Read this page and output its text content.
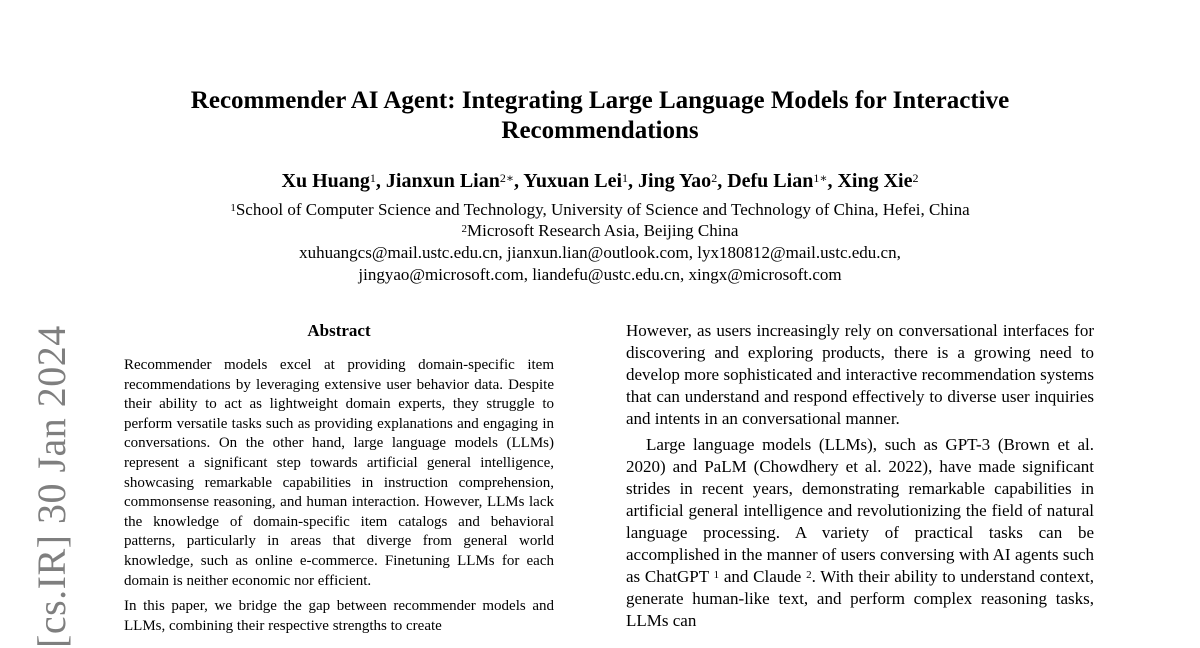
[cs.IR] 30 Jan 2024
Recommender AI Agent: Integrating Large Language Models for Interactive Recommendations
Xu Huang$^1$, Jianxun Lian$^{2∗}$, Yuxuan Lei$^1$, Jing Yao$^2$, Defu Lian$^{1∗}$, Xing Xie$^2$
$^1$School of Computer Science and Technology, University of Science and Technology of China, Hefei, China
$^2$Microsoft Research Asia, Beijing China
xuhuangcs@mail.ustc.edu.cn, jianxun.lian@outlook.com, lyx180812@mail.ustc.edu.cn,
jingyao@microsoft.com, liandefu@ustc.edu.cn, xingx@microsoft.com
Abstract

Recommender models excel at providing domain-specific item recommendations by leveraging extensive user behavior data. Despite their ability to act as lightweight domain experts, they struggle to perform versatile tasks such as providing explanations and engaging in conversations. On the other hand, large language models (LLMs) represent a significant step towards artificial general intelligence, showcasing remarkable capabilities in instruction comprehension, commonsense reasoning, and human interaction. However, LLMs lack the knowledge of domain-specific item catalogs and behavioral patterns, particularly in areas that diverge from general world knowledge, such as online e-commerce. Finetuning LLMs for each domain is neither economic nor efficient.

In this paper, we bridge the gap between recommender models and LLMs, combining their respective strengths to create

However, as users increasingly rely on conversational interfaces for discovering and exploring products, there is a growing need to develop more sophisticated and interactive recommendation systems that can understand and respond effectively to diverse user inquiries and intents in an conversational manner.

Large language models (LLMs), such as GPT-3 (Brown et al. 2020) and PaLM (Chowdhery et al. 2022), have made significant strides in recent years, demonstrating remarkable capabilities in artificial general intelligence and revolutionizing the field of natural language processing. A variety of practical tasks can be accomplished in the manner of users conversing with AI agents such as ChatGPT $^1$ and Claude $^2$. With their ability to understand context, generate human-like text, and perform complex reasoning tasks, LLMs can
